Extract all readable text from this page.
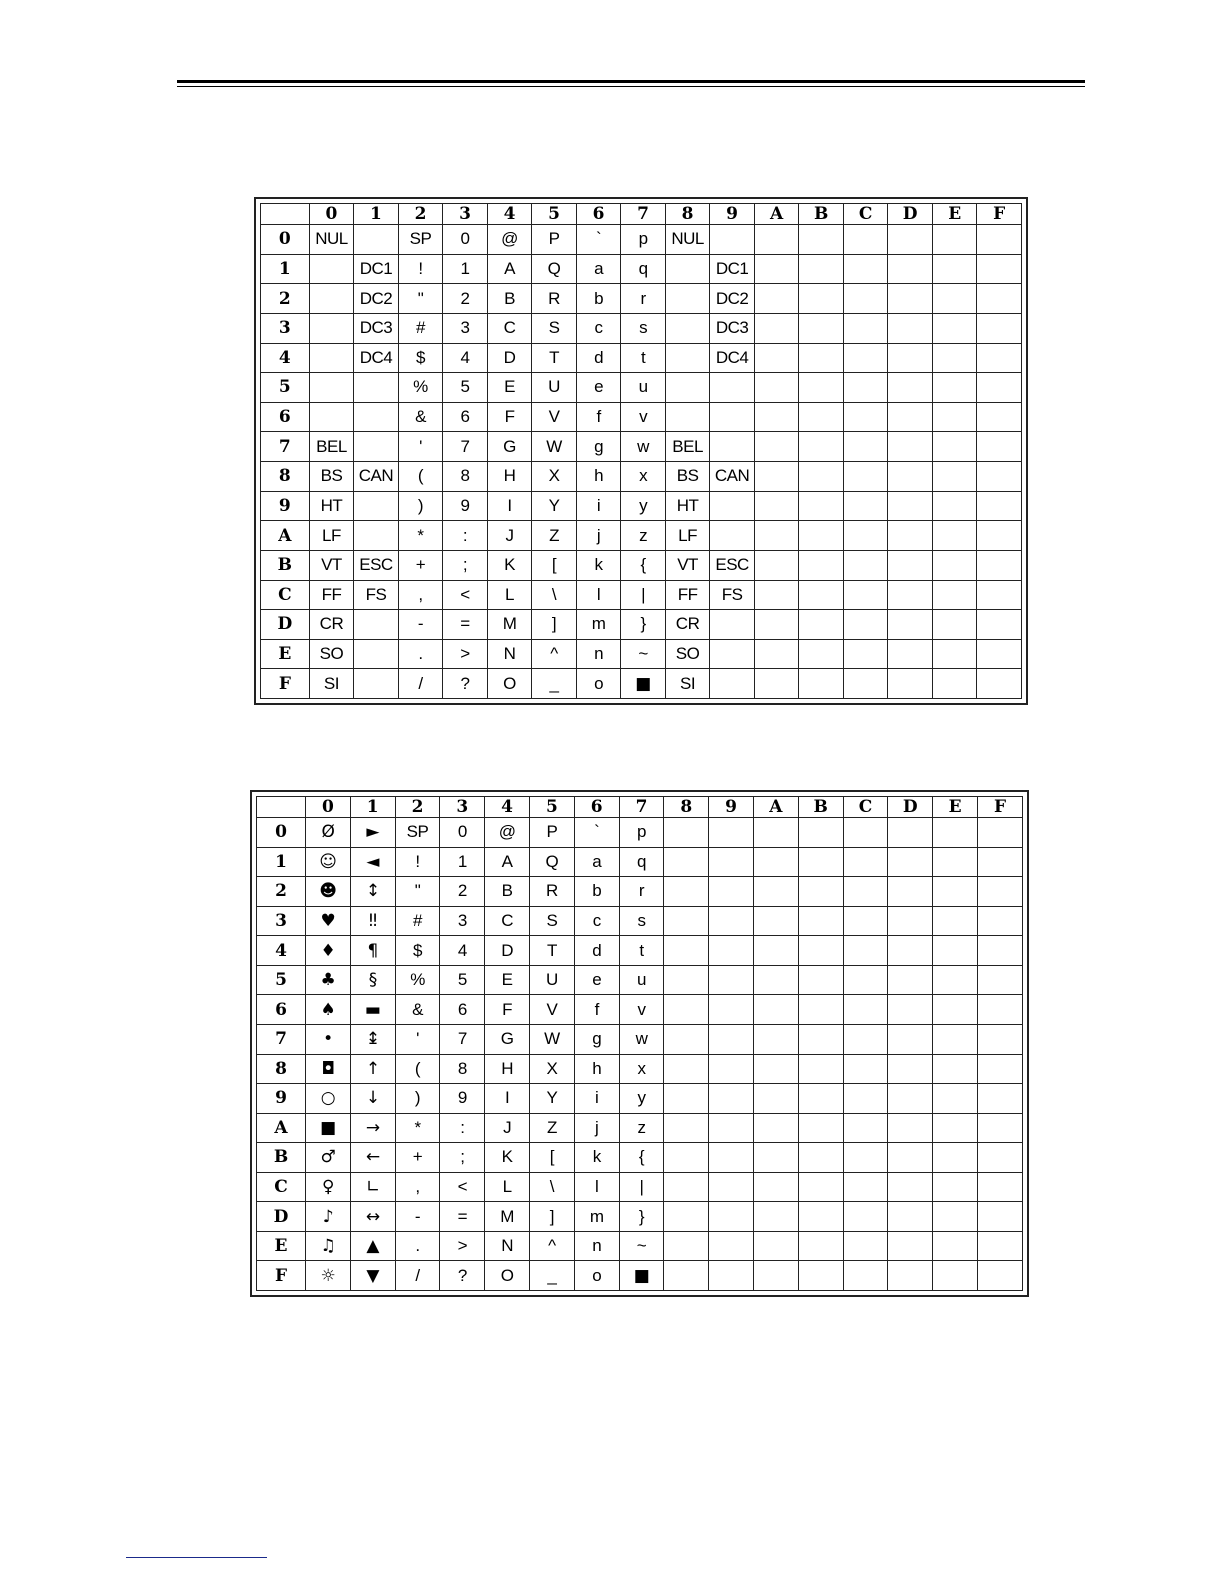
	0	1	2	3	4	5	6	7	8	9	A	B	C	D	E	F
0	NUL		SP	0	@	P	`	p	NUL							
1		DC1	!	1	A	Q	a	q		DC1						
2		DC2	"	2	B	R	b	r		DC2						
3		DC3	#	3	C	S	c	s		DC3						
4		DC4	$	4	D	T	d	t		DC4						
5			%	5	E	U	e	u								
6			&	6	F	V	f	v								
7	BEL		'	7	G	W	g	w	BEL							
8	BS	CAN	(	8	H	X	h	x	BS	CAN						
9	HT		)	9	I	Y	i	y	HT							
A	LF		*	:	J	Z	j	z	LF							
B	VT	ESC	+	;	K	[	k	{	VT	ESC						
C	FF	FS	,	<	L	\	l	|	FF	FS						
D	CR		-	=	M	]	m	}	CR							
E	SO		.	>	N	^	n	~	SO							
F	SI		/	?	O	_	o	■	SI							
	0	1	2	3	4	5	6	7	8	9	A	B	C	D	E	F
0	Ø	►	SP	0	@	P	`	p								
1	☺	◄	!	1	A	Q	a	q								
2	☻	↕	"	2	B	R	b	r								
3	♥	‼	#	3	C	S	c	s								
4	♦	¶	$	4	D	T	d	t								
5	♣	§	%	5	E	U	e	u								
6	♠	▬	&	6	F	V	f	v								
7	•	↨	'	7	G	W	g	w								
8	◘	↑	(	8	H	X	h	x								
9	○	↓	)	9	I	Y	i	y								
A	■	→	*	:	J	Z	j	z								
B	♂	←	+	;	K	[	k	{								
C	♀	∟	,	<	L	\	l	|								
D	♪	↔	-	=	M	]	m	}								
E	♫	▲	.	>	N	^	n	~								
F	☼	▼	/	?	O	_	o	■								
